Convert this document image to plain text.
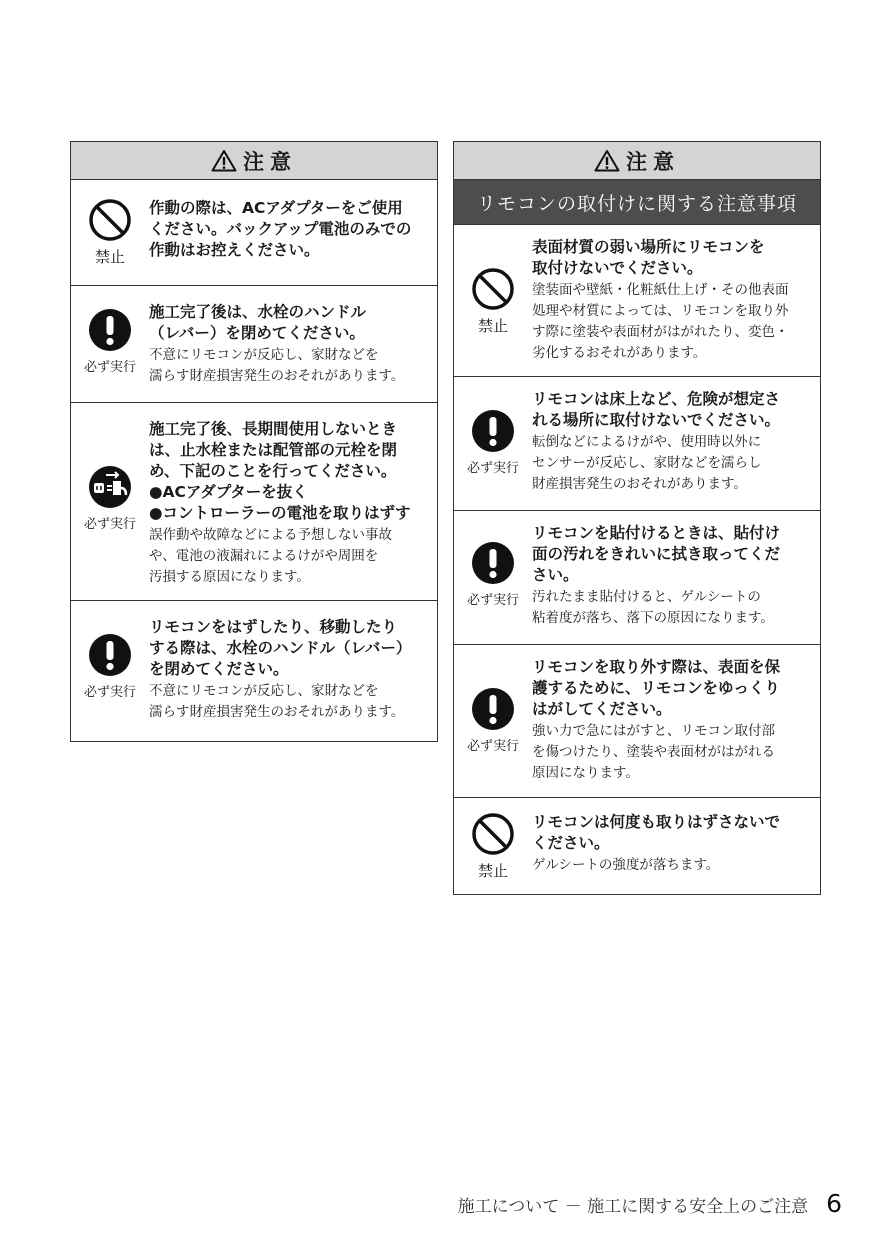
注意
禁止
作動の際は、ACアダプターをご使用
ください。バックアップ電池のみでの
作動はお控えください。
必ず実行
施工完了後は、水栓のハンドル
（レバー）を閉めてください。
不意にリモコンが反応し、家財などを
濡らす財産損害発生のおそれがあります。
必ず実行
施工完了後、長期間使用しないとき
は、止水栓または配管部の元栓を閉
め、下記のことを行ってください。
●ACアダプターを抜く
●コントローラーの電池を取りはずす
誤作動や故障などによる予想しない事故
や、電池の液漏れによるけがや周囲を
汚損する原因になります。
必ず実行
リモコンをはずしたり、移動したり
する際は、水栓のハンドル（レバー）
を閉めてください。
不意にリモコンが反応し、家財などを
濡らす財産損害発生のおそれがあります。
注意
リモコンの取付けに関する注意事項
禁止
表面材質の弱い場所にリモコンを
取付けないでください。
塗装面や壁紙・化粧紙仕上げ・その他表面
処理や材質によっては、リモコンを取り外
す際に塗装や表面材がはがれたり、変色・
劣化するおそれがあります。
必ず実行
リモコンは床上など、危険が想定さ
れる場所に取付けないでください。
転倒などによるけがや、使用時以外に
センサーが反応し、家財などを濡らし
財産損害発生のおそれがあります。
必ず実行
リモコンを貼付けるときは、貼付け
面の汚れをきれいに拭き取ってくだ
さい。
汚れたまま貼付けると、ゲルシートの
粘着度が落ち、落下の原因になります。
必ず実行
リモコンを取り外す際は、表面を保
護するために、リモコンをゆっくり
はがしてください。
強い力で急にはがすと、リモコン取付部
を傷つけたり、塗装や表面材がはがれる
原因になります。
禁止
リモコンは何度も取りはずさないで
ください。
ゲルシートの強度が落ちます。
施工について － 施工に関する安全上のご注意 6
